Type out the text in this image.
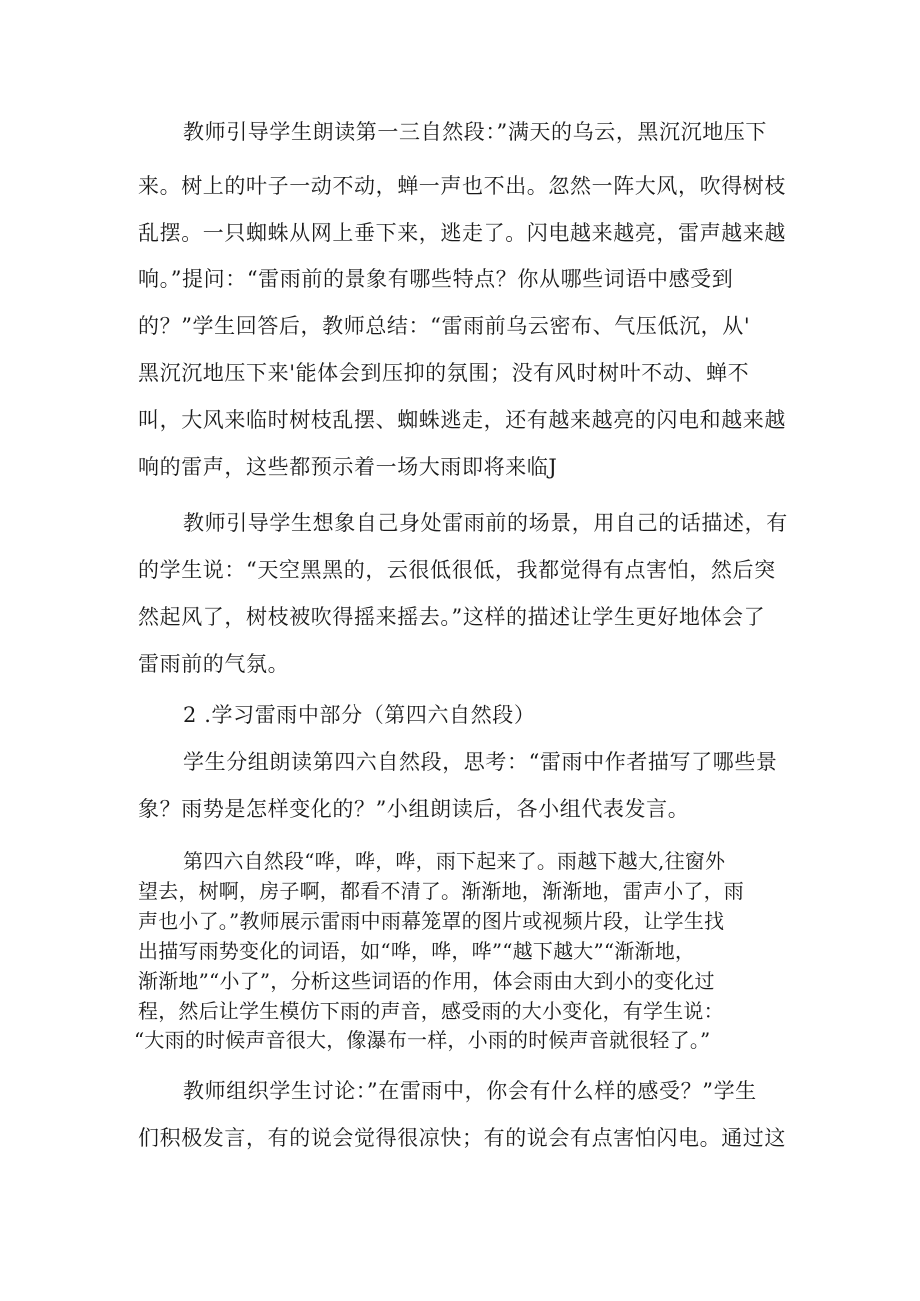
教师引导学生朗读第一三自然段：”满天的乌云，黑沉沉地压下
来。树上的叶子一动不动，蝉一声也不出。忽然一阵大风，吹得树枝
乱摆。一只蜘蛛从网上垂下来，逃走了。闪电越来越亮，雷声越来越
响。”提问：“雷雨前的景象有哪些特点？你从哪些词语中感受到
的？”学生回答后，教师总结：“雷雨前乌云密布、气压低沉，从'
黑沉沉地压下来'能体会到压抑的氛围；没有风时树叶不动、蝉不
叫，大风来临时树枝乱摆、蜘蛛逃走，还有越来越亮的闪电和越来越
响的雷声，这些都预示着一场大雨即将来临J
教师引导学生想象自己身处雷雨前的场景，用自己的话描述，有
的学生说：“天空黑黑的，云很低很低，我都觉得有点害怕，然后突
然起风了，树枝被吹得摇来摇去。”这样的描述让学生更好地体会了
雷雨前的气氛。
2 .学习雷雨中部分（第四六自然段）
学生分组朗读第四六自然段，思考：“雷雨中作者描写了哪些景
象？雨势是怎样变化的？”小组朗读后，各小组代表发言。
第四六自然段“哗，哗，哗，雨下起来了。雨越下越大,往窗外
望去，树啊，房子啊，都看不清了。渐渐地，渐渐地，雷声小了，雨
声也小了。”教师展示雷雨中雨幕笼罩的图片或视频片段，让学生找
出描写雨势变化的词语，如“哗，哗，哗”“越下越大”“渐渐地，
渐渐地”“小了”，分析这些词语的作用，体会雨由大到小的变化过
程，然后让学生模仿下雨的声音，感受雨的大小变化，有学生说：
“大雨的时候声音很大，像瀑布一样，小雨的时候声音就很轻了。”
教师组织学生讨论：”在雷雨中，你会有什么样的感受？”学生
们积极发言，有的说会觉得很凉快；有的说会有点害怕闪电。通过这
